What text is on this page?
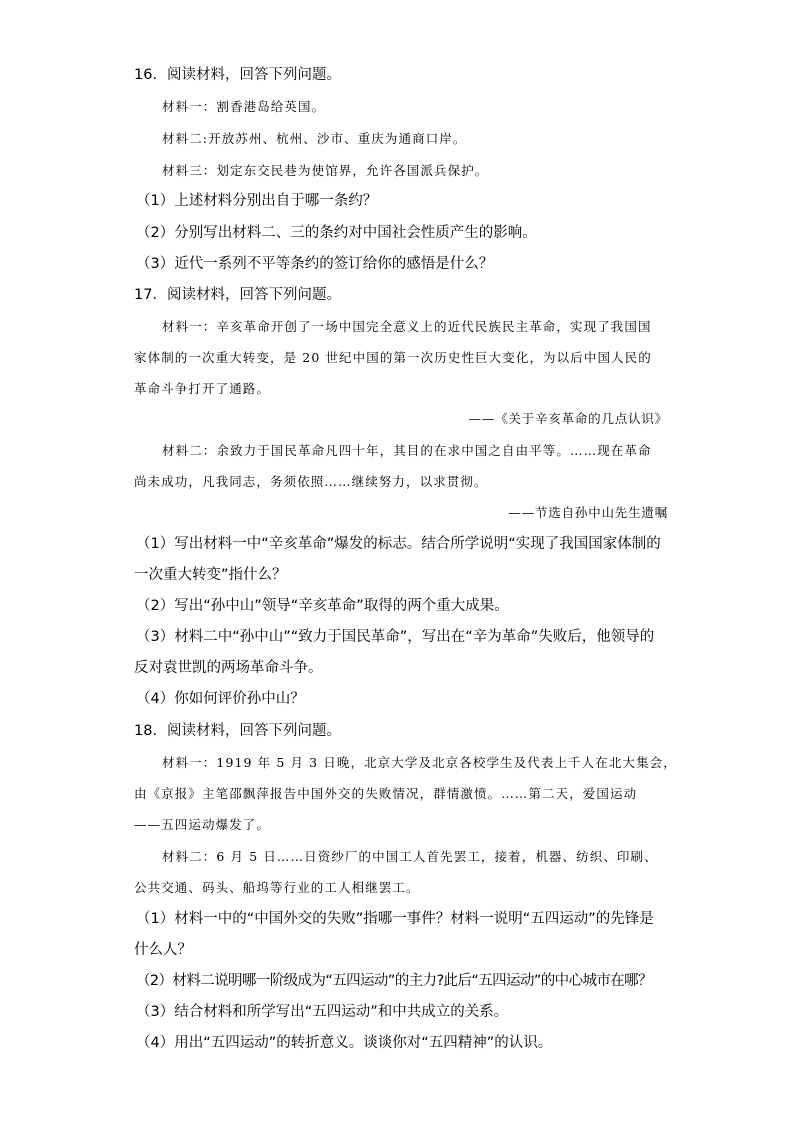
16．阅读材料，回答下列问题。
材料一：割香港岛给英国。
材料二:开放苏州、杭州、沙市、重庆为通商口岸。
材料三：划定东交民巷为使馆界，允许各国派兵保护。
（1）上述材料分别出自于哪一条约？
（2）分别写出材料二、三的条约对中国社会性质产生的影响。
（3）近代一系列不平等条约的签订给你的感悟是什么？
17．阅读材料，回答下列问题。
材料一：辛亥革命开创了一场中国完全意义上的近代民族民主革命，实现了我国国
家体制的一次重大转变，是 20 世纪中国的第一次历史性巨大变化，为以后中国人民的
革命斗争打开了通路。
——《关于辛亥革命的几点认识》
材料二：余致力于国民革命凡四十年，其目的在求中国之自由平等。……现在革命
尚未成功，凡我同志，务须依照……继续努力，以求贯彻。
——节选自孙中山先生遗嘱
（1）写出材料一中“辛亥革命”爆发的标志。结合所学说明“实现了我国国家体制的
一次重大转变”指什么？
（2）写出“孙中山”领导“辛亥革命”取得的两个重大成果。
（3）材料二中“孙中山”“致力于国民革命”，写出在“辛为革命”失败后，他领导的
反对袁世凯的两场革命斗争。
（4）你如何评价孙中山？
18．阅读材料，回答下列问题。
材料一：1919 年 5 月 3 日晚，北京大学及北京各校学生及代表上千人在北大集会，
由《京报》主笔邵飘萍报告中国外交的失败情况，群情激愤。……第二天，爱国运动
——五四运动爆发了。
材料二：6 月 5 日……日资纱厂的中国工人首先罢工，接着，机器、纺织、印刷、
公共交通、码头、船坞等行业的工人相继罢工。
（1）材料一中的“中国外交的失败”指哪一事件？材料一说明“五四运动”的先锋是
什么人？
（2）材料二说明哪一阶级成为“五四运动”的主力?此后“五四运动”的中心城市在哪？
（3）结合材料和所学写出“五四运动”和中共成立的关系。
（4）用出“五四运动”的转折意义。谈谈你对“五四精神”的认识。
